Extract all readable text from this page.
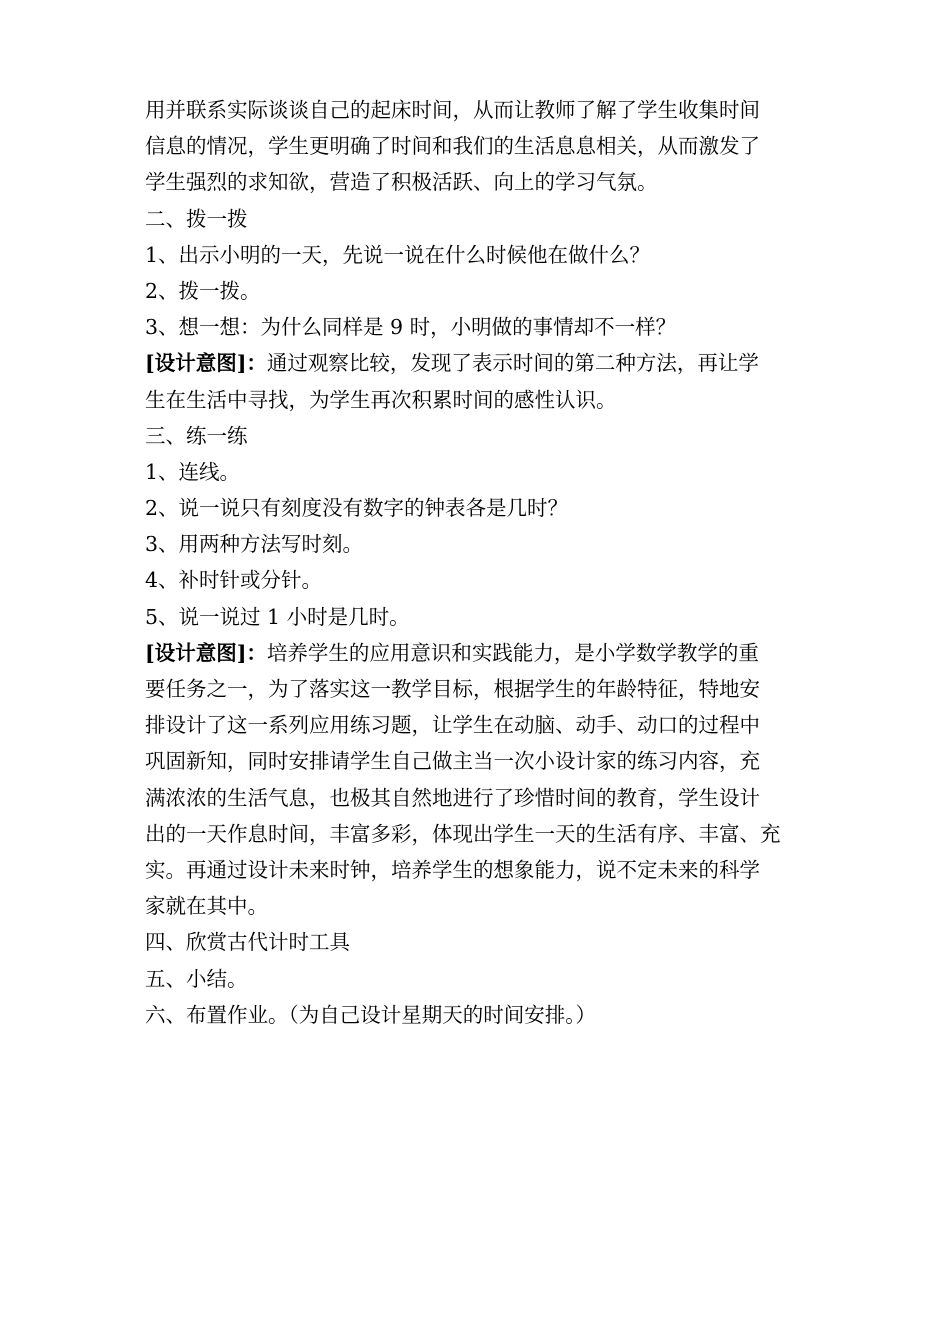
用并联系实际谈谈自己的起床时间，从而让教师了解了学生收集时间
信息的情况，学生更明确了时间和我们的生活息息相关，从而激发了
学生强烈的求知欲，营造了积极活跃、向上的学习气氛。
二、拨一拨
1、出示小明的一天，先说一说在什么时候他在做什么？
2、拨一拨。
3、想一想：为什么同样是 9 时，小明做的事情却不一样？
[设计意图]：通过观察比较，发现了表示时间的第二种方法，再让学
生在生活中寻找，为学生再次积累时间的感性认识。
三、练一练
1、连线。
2、说一说只有刻度没有数字的钟表各是几时？
3、用两种方法写时刻。
4、补时针或分针。
5、说一说过 1 小时是几时。
[设计意图]：培养学生的应用意识和实践能力，是小学数学教学的重
要任务之一，为了落实这一教学目标，根据学生的年龄特征，特地安
排设计了这一系列应用练习题，让学生在动脑、动手、动口的过程中
巩固新知，同时安排请学生自己做主当一次小设计家的练习内容，充
满浓浓的生活气息，也极其自然地进行了珍惜时间的教育，学生设计
出的一天作息时间，丰富多彩，体现出学生一天的生活有序、丰富、充
实。再通过设计未来时钟，培养学生的想象能力，说不定未来的科学
家就在其中。
四、欣赏古代计时工具
五、小结。
六、布置作业。（为自己设计星期天的时间安排。）
